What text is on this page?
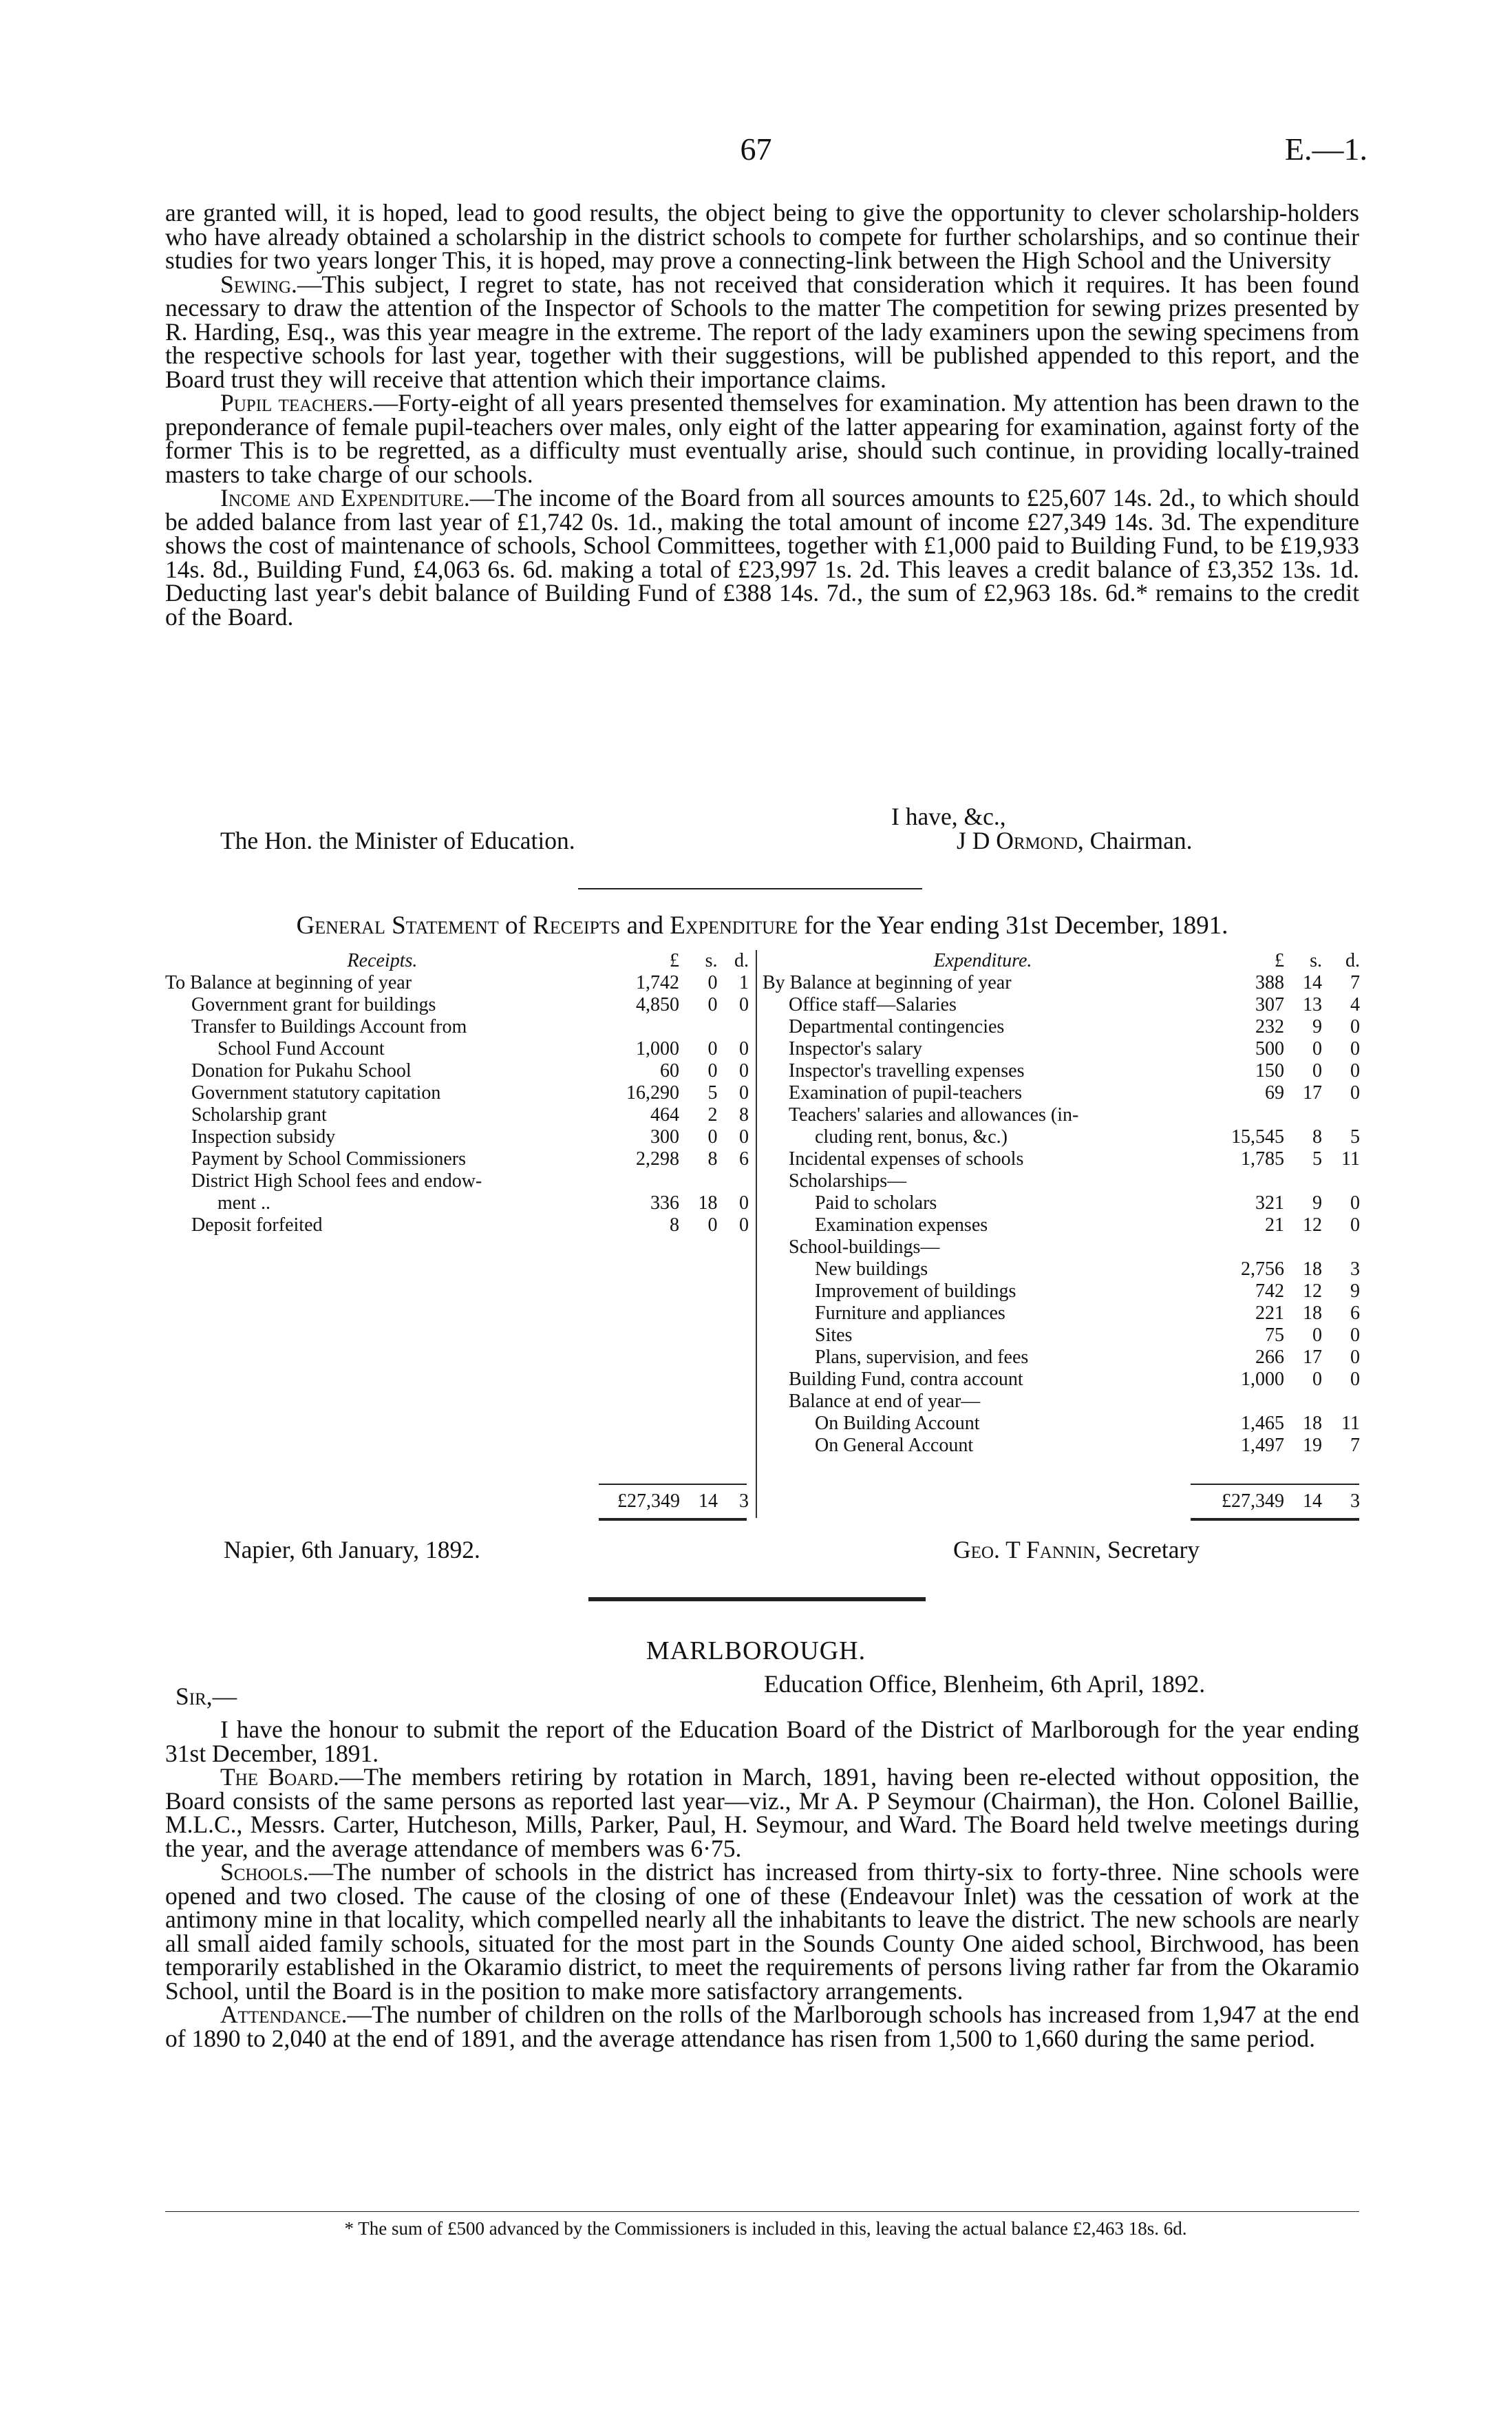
67	E.—1.

are granted will, it is hoped, lead to good results, the object being to give the opportunity to clever scholarship-holders who have already obtained a scholarship in the district schools to compete for further scholarships, and so continue their studies for two years longer This, it is hoped, may prove a connecting-link between the High School and the University

Sewing.—This subject, I regret to state, has not received that consideration which it requires. It has been found necessary to draw the attention of the Inspector of Schools to the matter The competition for sewing prizes presented by R. Harding, Esq., was this year meagre in the extreme. The report of the lady examiners upon the sewing specimens from the respective schools for last year, together with their suggestions, will be published appended to this report, and the Board trust they will receive that attention which their importance claims.

Pupil teachers.—Forty-eight of all years presented themselves for examination. My attention has been drawn to the preponderance of female pupil-teachers over males, only eight of the latter appearing for examination, against forty of the former This is to be regretted, as a difficulty must eventually arise, should such continue, in providing locally-trained masters to take charge of our schools.

Income and Expenditure.—The income of the Board from all sources amounts to £25,607 14s. 2d., to which should be added balance from last year of £1,742 0s. 1d., making the total amount of income £27,349 14s. 3d. The expenditure shows the cost of maintenance of schools, School Committees, together with £1,000 paid to Building Fund, to be £19,933 14s. 8d., Building Fund, £4,063 6s. 6d. making a total of £23,997 1s. 2d. This leaves a credit balance of £3,352 13s. 1d. Deducting last year's debit balance of Building Fund of £388 14s. 7d., the sum of £2,963 18s. 6d.* remains to the credit of the Board.

I have, &c.,
The Hon. the Minister of Education.	J D Ormond, Chairman.
General Statement of Receipts and Expenditure for the Year ending 31st December, 1891.
Receipts.	£	s.	d.
To Balance at beginning of year	1,742	0	1
Government grant for buildings	4,850	0	0
Transfer to Buildings Account from			
School Fund Account	1,000	0	0
Donation for Pukahu School	60	0	0
Government statutory capitation	16,290	5	0
Scholarship grant	464	2	8
Inspection subsidy	300	0	0
Payment by School Commissioners	2,298	8	6
District High School fees and endow-			
ment ..	336	18	0
Deposit forfeited	8	0	0
Expenditure.	£	s.	d.
By Balance at beginning of year	388	14	7
Office staff—Salaries	307	13	4
Departmental contingencies	232	9	0
Inspector's salary	500	0	0
Inspector's travelling expenses	150	0	0
Examination of pupil-teachers	69	17	0
Teachers' salaries and allowances (in-			
cluding rent, bonus, &c.)	15,545	8	5
Incidental expenses of schools	1,785	5	11
Scholarships—			
Paid to scholars	321	9	0
Examination expenses	21	12	0
School-buildings—			
New buildings	2,756	18	3
Improvement of buildings	742	12	9
Furniture and appliances	221	18	6
Sites	75	0	0
Plans, supervision, and fees	266	17	0
Building Fund, contra account	1,000	0	0
Balance at end of year—			
On Building Account	1,465	18	11
On General Account	1,497	19	7
£27,349	14	3	£27,349	14	3
Napier, 6th January, 1892.	Geo. T Fannin, Secretary
MARLBOROUGH.
Sir,—	Education Office, Blenheim, 6th April, 1892.

I have the honour to submit the report of the Education Board of the District of Marlborough for the year ending 31st December, 1891.

The Board.—The members retiring by rotation in March, 1891, having been re-elected without opposition, the Board consists of the same persons as reported last year—viz., Mr A. P Seymour (Chairman), the Hon. Colonel Baillie, M.L.C., Messrs. Carter, Hutcheson, Mills, Parker, Paul, H. Seymour, and Ward. The Board held twelve meetings during the year, and the average attendance of members was 6·75.

Schools.—The number of schools in the district has increased from thirty-six to forty-three. Nine schools were opened and two closed. The cause of the closing of one of these (Endeavour Inlet) was the cessation of work at the antimony mine in that locality, which compelled nearly all the inhabitants to leave the district. The new schools are nearly all small aided family schools, situated for the most part in the Sounds County One aided school, Birchwood, has been temporarily established in the Okaramio district, to meet the requirements of persons living rather far from the Okaramio School, until the Board is in the position to make more satisfactory arrangements.

Attendance.—The number of children on the rolls of the Marlborough schools has increased from 1,947 at the end of 1890 to 2,040 at the end of 1891, and the average attendance has risen from 1,500 to 1,660 during the same period.

* The sum of £500 advanced by the Commissioners is included in this, leaving the actual balance £2,463 18s. 6d.
